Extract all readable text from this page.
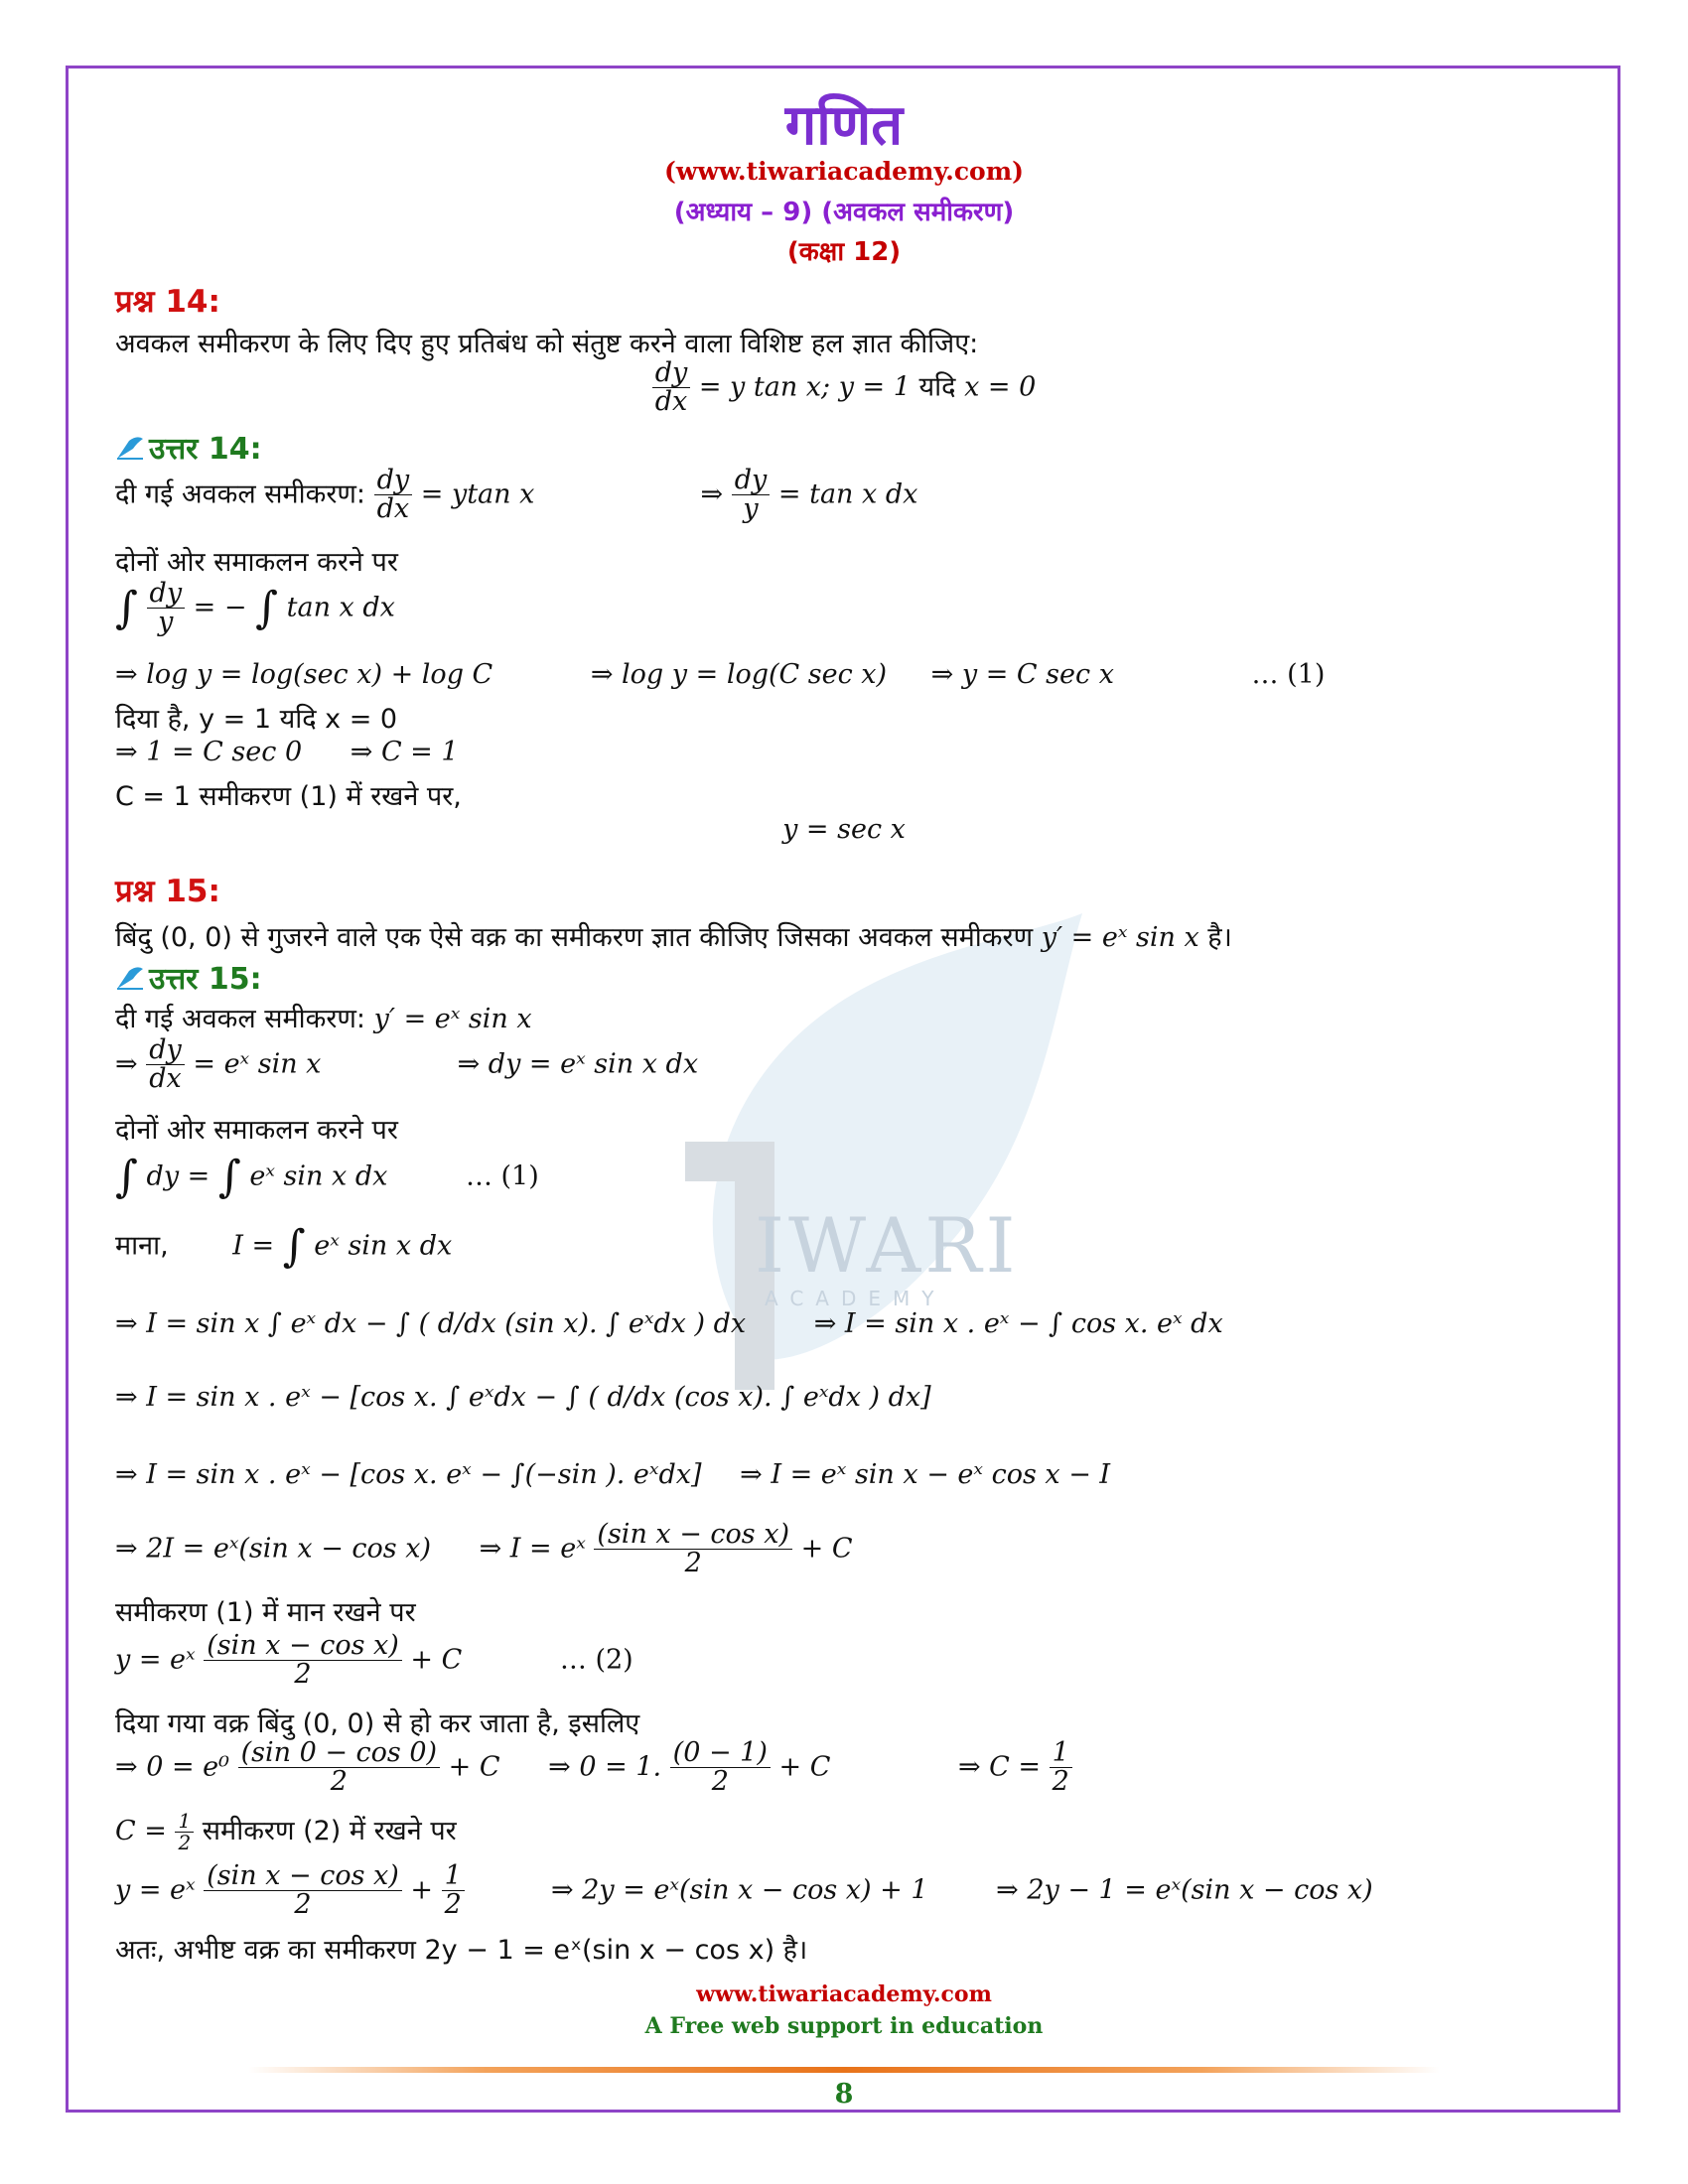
IWARI
ACADEMY
गणित
(www.tiwariacademy.com)
(अध्याय – 9) (अवकल समीकरण)
(कक्षा 12)
प्रश्न 14:
अवकल समीकरण के लिए दिए हुए प्रतिबंध को संतुष्ट करने वाला विशिष्ट हल ज्ञात कीजिए:
$\frac{dy}{dx} = y$ tan x; y = 1 यदि x = 0
उत्तर 14:
दी गई अवकल समीकरण: $\frac{dy}{dx} = ytan$ x	⇒ $\frac{dy}{y} = \tan x$ dx
दोनों ओर समाकलन करने पर
∫ $\frac{dy}{y}$ = − ∫ tan x dx
⇒ log y = log(sec x) + log C	⇒ log y = log(C sec x) ⇒ y = C sec x	… (1)
दिया है, y = 1 यदि x = 0
⇒ 1 = C sec 0 ⇒ C = 1
C = 1 समीकरण (1) में रखने पर,
y = sec x
प्रश्न 15:
बिंदु (0, 0) से गुजरने वाले एक ऐसे वक्र का समीकरण ज्ञात कीजिए जिसका अवकल समीकरण y′ = eˣ sin x है।
उत्तर 15:
दी गई अवकल समीकरण: y′ = eˣ sin x
⇒ $\frac{dy}{dx}$ = eˣ sin x	⇒ dy = eˣ sin x dx
दोनों ओर समाकलन करने पर
∫ dy = ∫ eˣ sin x dx	… (1)
माना, I = ∫ eˣ sin x dx
⇒ I = sin x ∫ eˣ dx − ∫ ( d/dx (sin x). ∫ eˣdx ) dx	⇒ I = sin x . eˣ − ∫ cos x. eˣ dx
⇒ I = sin x . eˣ − [cos x. ∫ eˣdx − ∫ ( d/dx (cos x). ∫ eˣdx ) dx]
⇒ I = sin x . eˣ − [cos x. eˣ − ∫(−sin ). eˣdx] ⇒ I = eˣ sin x − eˣ cos x − I
⇒ 2I = eˣ(sin x − cos x) ⇒ I = eˣ $\frac{\text{(sin x − cos x)}}{2} + C$
समीकरण (1) में मान रखने पर
y = eˣ $\frac{\text{(sin x − cos x)}}{2} + C$	… (2)
दिया गया वक्र बिंदु (0, 0) से हो कर जाता है, इसलिए
⇒ $0 = e^0 \frac{(\sin 0 - \cos 0)}{2} + C$ ⇒ 0 = 1. $\frac{(0 - 1)}{2} + C$	⇒ $C = \frac{1}{2}$
$C = \frac{1}{2}$ समीकरण (2) में रखने पर
y = eˣ $\frac{\text{(sin x − cos x)}}{2} + \frac{1}{2}$	⇒ 2y = eˣ(sin x − cos x) + 1	⇒ 2y − 1 = eˣ(sin x − cos x)
अतः, अभीष्ट वक्र का समीकरण 2y − 1 = eˣ(sin x − cos x) है।
www.tiwariacademy.com
A Free web support in education
8
